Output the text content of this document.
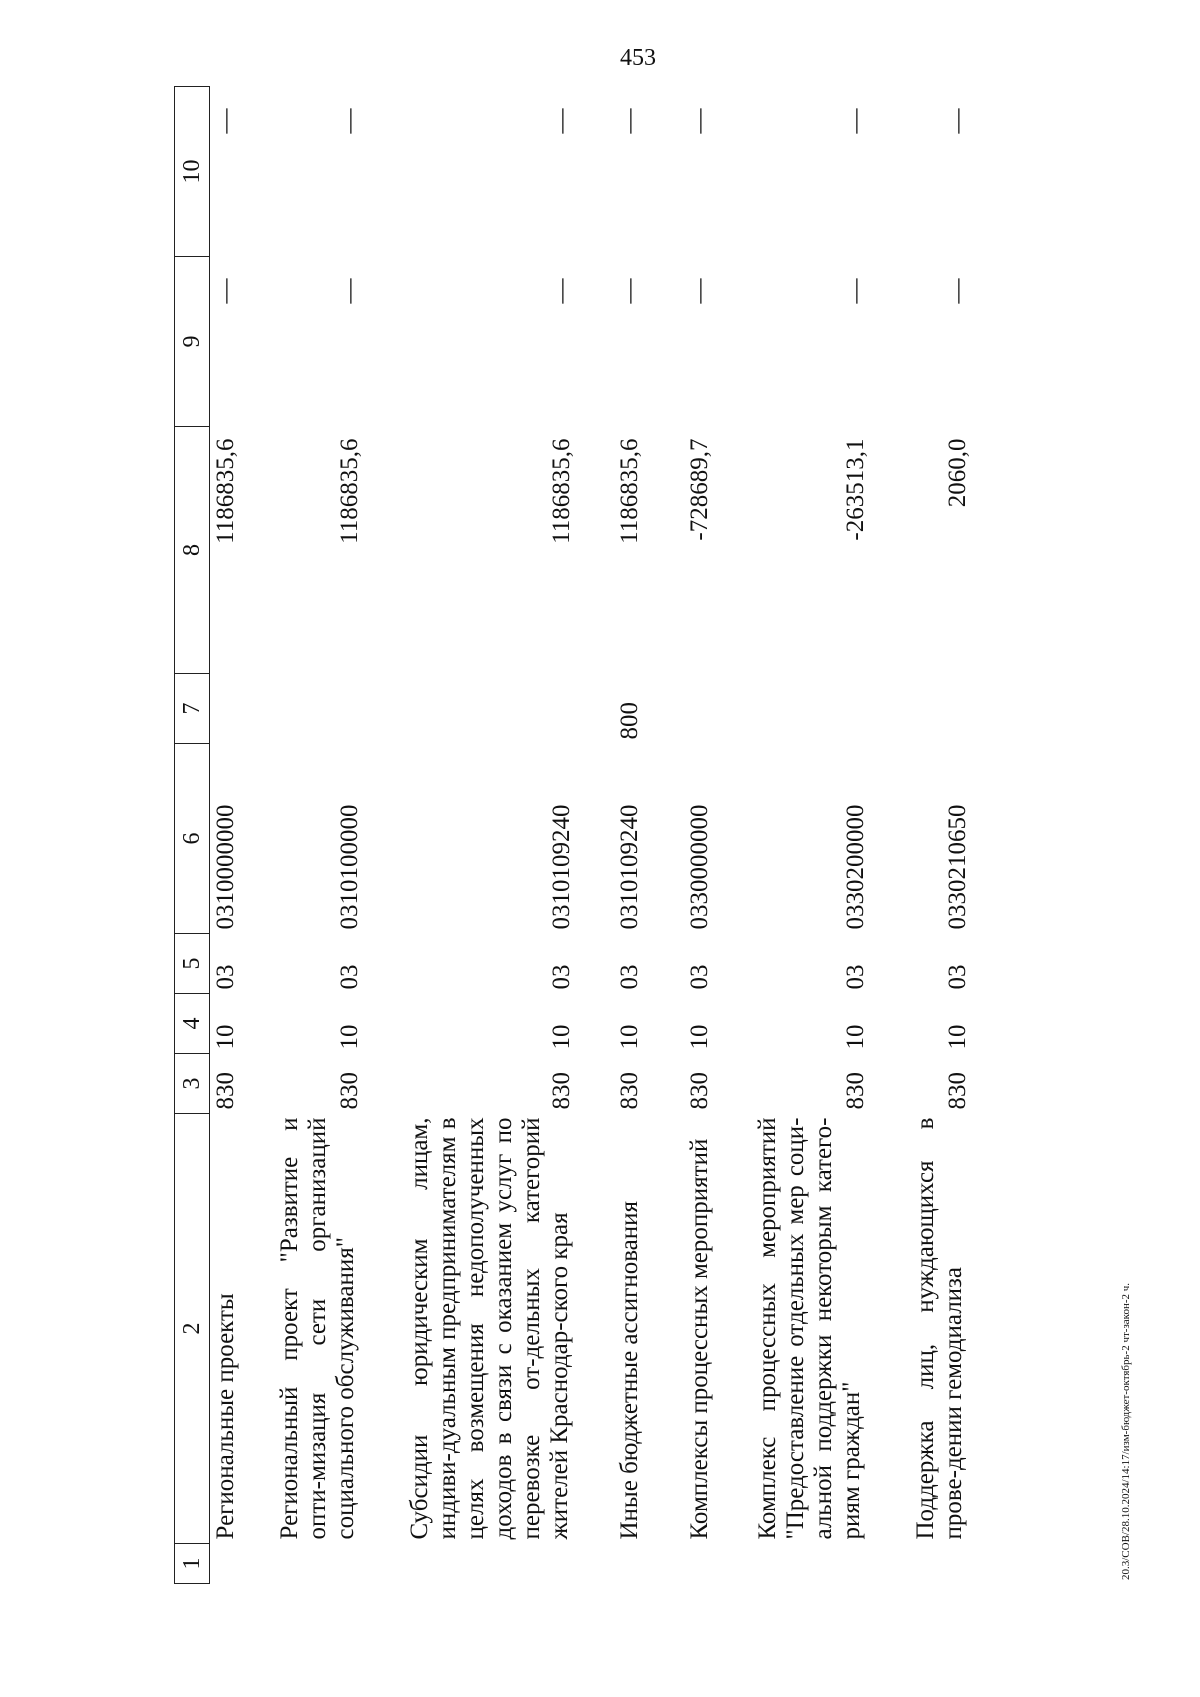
453
1	2	3	4	5	6	7	8	9	10
	Региональные проекты	830	10	03	0310000000		1186835,6	—	—
	Региональный проект "Развитие и опти-мизация сети организаций социального обслуживания"	830	10	03	0310100000		1186835,6	—	—
	Субсидии юридическим лицам, индиви-дуальным предпринимателям в целях возмещения недополученных доходов в связи с оказанием услуг по перевозке от-дельных категорий жителей Краснодар-ского края	830	10	03	0310109240		1186835,6	—	—
	Иные бюджетные ассигнования	830	10	03	0310109240	800	1186835,6	—	—
	Комплексы процессных мероприятий	830	10	03	0330000000		-728689,7	—	—
	Комплекс процессных мероприятий "Предоставление отдельных мер соци-альной поддержки некоторым катего-риям граждан"	830	10	03	0330200000		-263513,1	—	—
	Поддержка лиц, нуждающихся в прове-дении гемодиализа	830	10	03	0330210650		2060,0	—	—
20.3/СОВ/28.10.2024/14:17/изм-бюджет-октябрь-2 чт-закон-2 ч.
